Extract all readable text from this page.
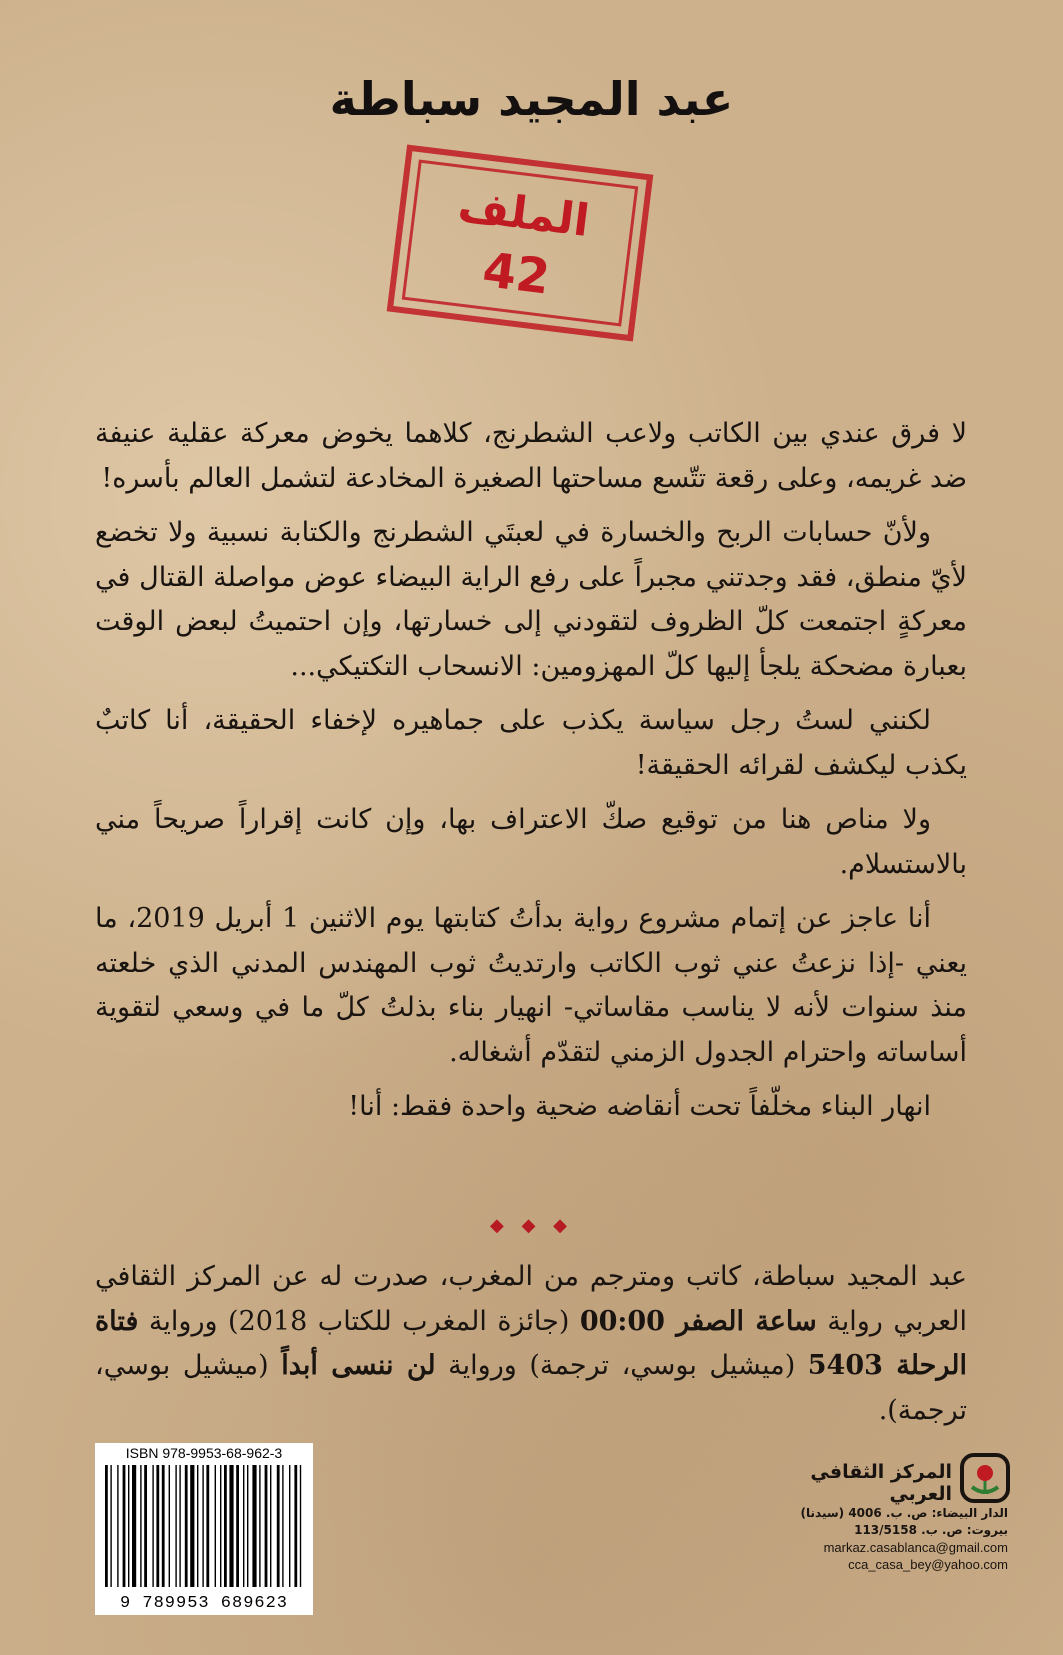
عبد المجيد سباطة
الملف
42

لا فرق عندي بين الكاتب ولاعب الشطرنج، كلاهما يخوض معركة عقلية عنيفة ضد غريمه، وعلى رقعة تتّسع مساحتها الصغيرة المخادعة لتشمل العالم بأسره!

ولأنّ حسابات الربح والخسارة في لعبتَي الشطرنج والكتابة نسبية ولا تخضع لأيّ منطق، فقد وجدتني مجبراً على رفع الراية البيضاء عوض مواصلة القتال في معركةٍ اجتمعت كلّ الظروف لتقودني إلى خسارتها، وإن احتميتُ لبعض الوقت بعبارة مضحكة يلجأ إليها كلّ المهزومين: الانسحاب التكتيكي...

لكنني لستُ رجل سياسة يكذب على جماهيره لإخفاء الحقيقة، أنا كاتبٌ يكذب ليكشف لقرائه الحقيقة!

ولا مناص هنا من توقيع صكّ الاعتراف بها، وإن كانت إقراراً صريحاً مني بالاستسلام.

أنا عاجز عن إتمام مشروع رواية بدأتُ كتابتها يوم الاثنين 1 أبريل 2019، ما يعني -إذا نزعتُ عني ثوب الكاتب وارتديتُ ثوب المهندس المدني الذي خلعته منذ سنوات لأنه لا يناسب مقاساتي- انهيار بناء بذلتُ كلّ ما في وسعي لتقوية أساساته واحترام الجدول الزمني لتقدّم أشغاله.

انهار البناء مخلّفاً تحت أنقاضه ضحية واحدة فقط: أنا!

◆ ◆ ◆

عبد المجيد سباطة، كاتب ومترجم من المغرب، صدرت له عن المركز الثقافي العربي رواية ساعة الصفر 00:00 (جائزة المغرب للكتاب 2018) ورواية فتاة الرحلة 5403 (ميشيل بوسي، ترجمة) ورواية لن ننسى أبداً (ميشيل بوسي، ترجمة).

ISBN 978-9953-68-962-3
9 789953 689623
المركز الثقافي العربي
الدار البيضاء: ص. ب. 4006 (سيدنا)
بيروت: ص. ب. 113/5158
markaz.casablanca@gmail.com
cca_casa_bey@yahoo.com
